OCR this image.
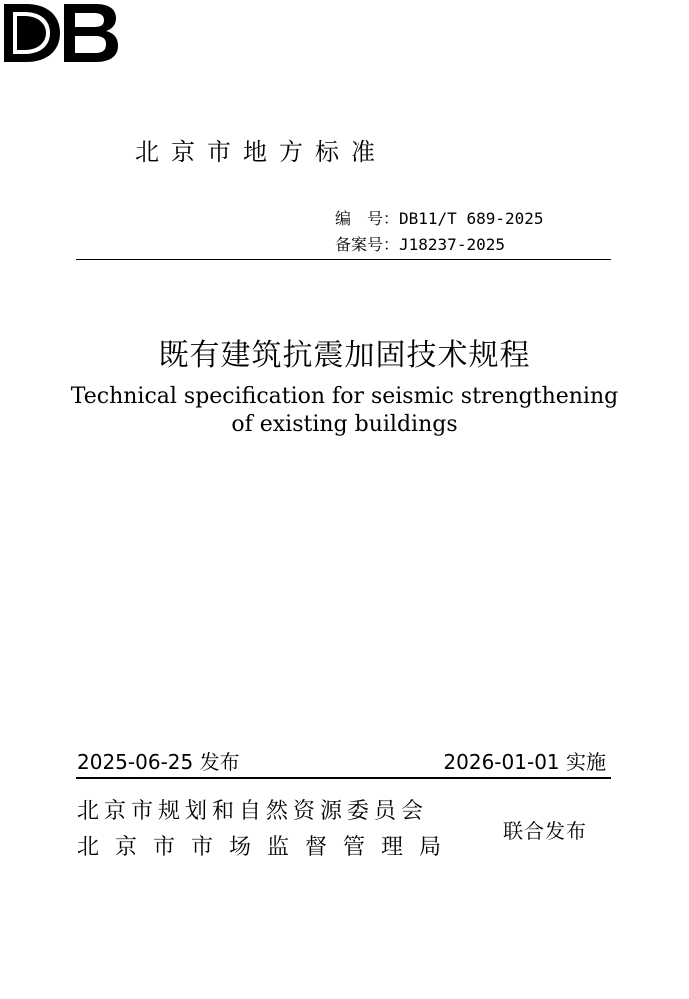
北京市地方标准
编　号：DB11/T 689-2025
备案号：J18237-2025
既有建筑抗震加固技术规程
Technical specification for seismic strengthening
of existing buildings
2025-06-25 发布	2026-01-01 实施
北京市规划和自然资源委员会
北京市市场监督管理局
联合发布
